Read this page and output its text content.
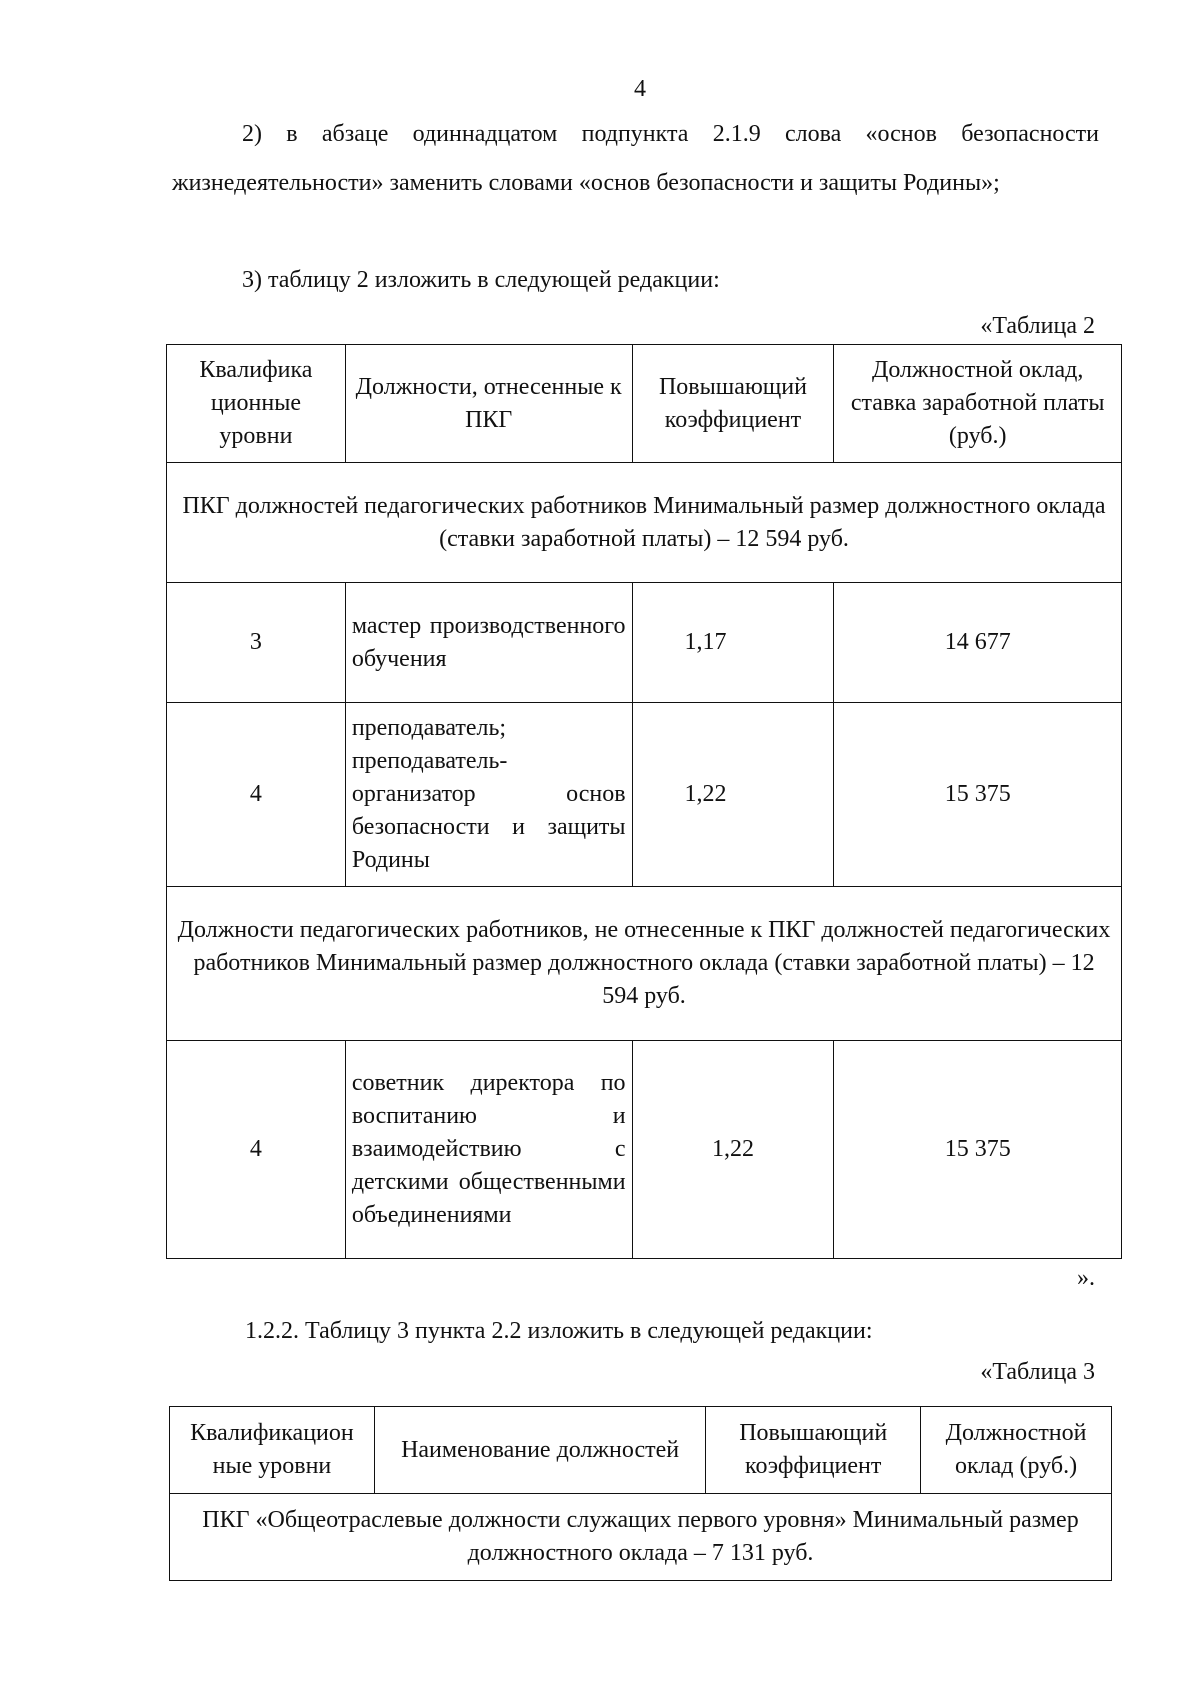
4
2) в абзаце одиннадцатом подпункта 2.1.9 слова «основ безопасности жизнедеятельности» заменить словами «основ безопасности и защиты Родины»;
3) таблицу 2 изложить в следующей редакции:
«Таблица 2
Квалифика ционные уровни	Должности, отнесенные к ПКГ	Повышающий коэффициент	Должностной оклад, ставка заработной платы (руб.)
ПКГ должностей педагогических работников Минимальный размер должностного оклада (ставки заработной платы) – 12 594 руб.			
3	мастер производственного обучения	1,17	14 677
4	преподаватель; преподаватель-организатор основ безопасности и защиты Родины	1,22	15 375
Должности педагогических работников, не отнесенные к ПКГ должностей педагогических работников Минимальный размер должностного оклада (ставки заработной платы) – 12 594 руб.			
4	советник директора по воспитанию и взаимодействию с детскими общественными объединениями	1,22	15 375
».
1.2.2. Таблицу 3 пункта 2.2 изложить в следующей редакции:
«Таблица 3
Квалификацион ные уровни	Наименование должностей	Повышающий коэффициент	Должностной оклад (руб.)
ПКГ «Общеотраслевые должности служащих первого уровня» Минимальный размер должностного оклада – 7 131 руб.
